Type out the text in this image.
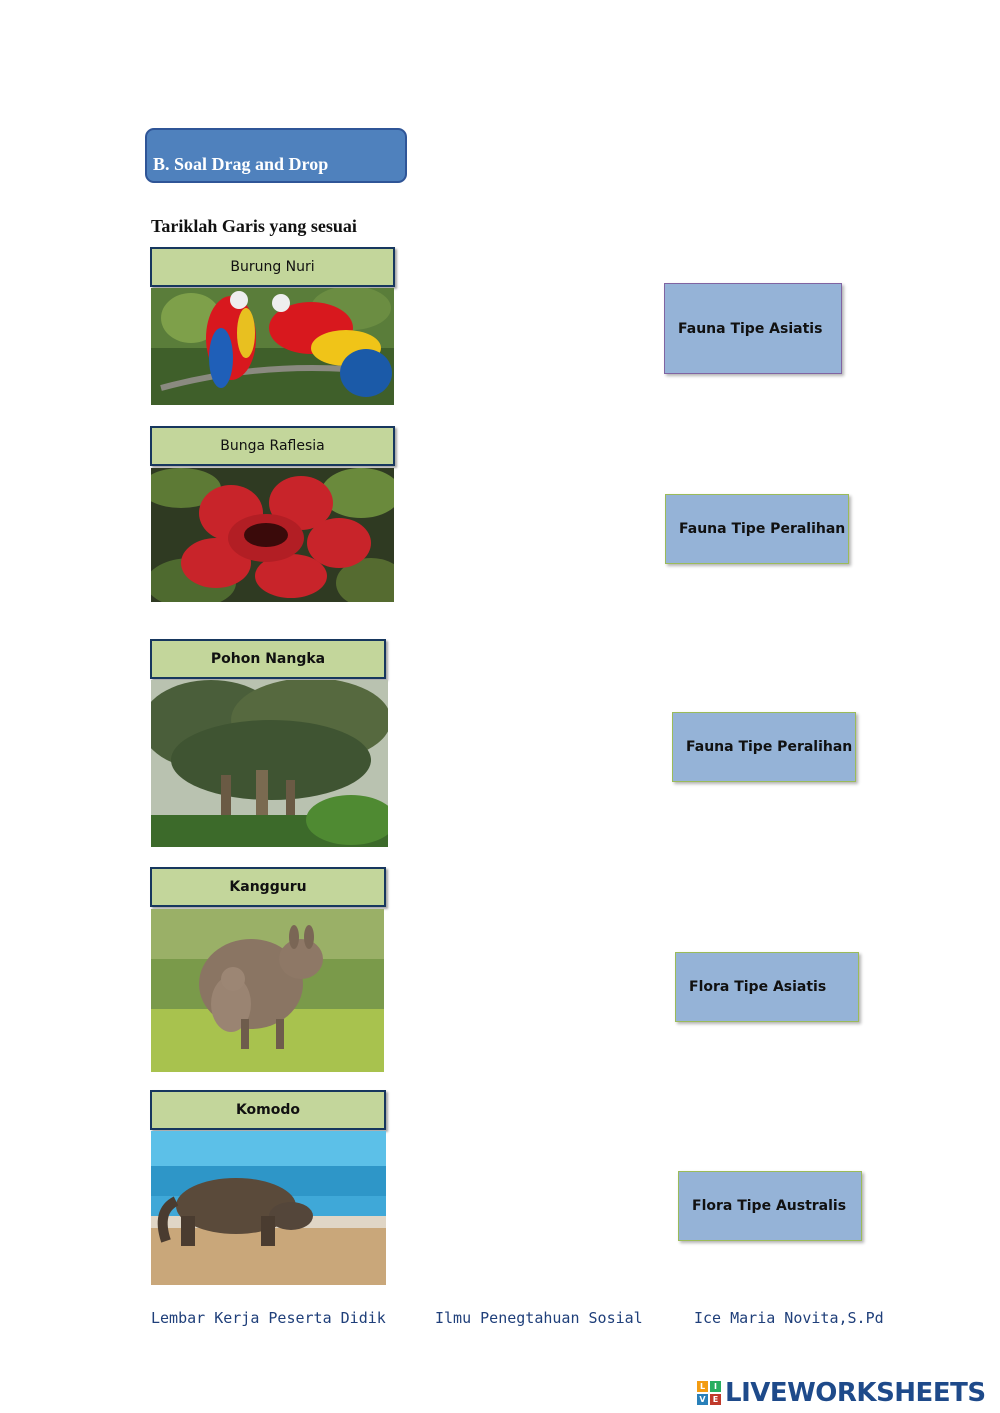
B. Soal Drag and Drop
Tariklah Garis yang sesuai
Burung Nuri
Fauna Tipe Asiatis
Bunga Raflesia
Fauna Tipe Peralihan
Pohon Nangka
Fauna Tipe Peralihan
Kangguru
Flora Tipe Asiatis
Komodo
Flora Tipe Australis
Lembar Kerja Peserta Didik	Ilmu Penegtahuan Sosial	Ice Maria Novita,S.Pd
L	I
V E LIVEWORKSHEETS
